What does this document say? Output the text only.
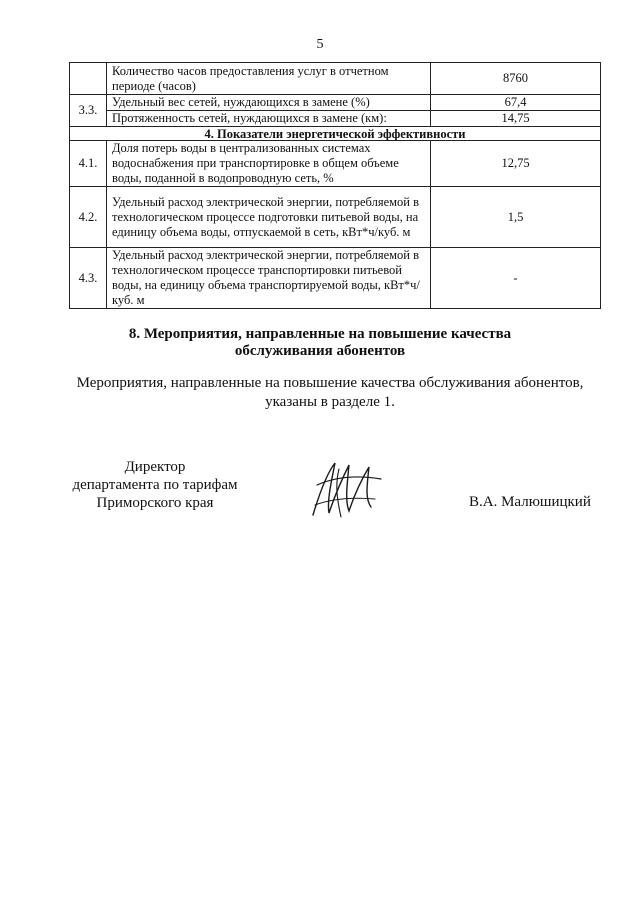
5
	Количество часов предоставления услуг в отчетном периоде (часов)	8760
3.3.	Удельный вес сетей, нуждающихся в замене (%)	67,4
	Протяженность сетей, нуждающихся в замене (км):	14,75
4. Показатели энергетической эффективности		
4.1.	Доля потерь воды в централизованных системах водоснабжения при транспортировке в общем объеме воды, поданной в водопроводную сеть, %	12,75
4.2.	Удельный расход электрической энергии, потребляемой в технологическом процессе подготовки питьевой воды, на единицу объема воды, отпускаемой в сеть, кВт*ч/куб. м	1,5
4.3.	Удельный расход электрической энергии, потребляемой в технологическом процессе транспортировки питьевой воды, на единицу объема транспортируемой воды, кВт*ч/куб. м	-
8. Мероприятия, направленные на повышение качества
обслуживания абонентов
Мероприятия, направленные на повышение качества обслуживания абонентов,
указаны в разделе 1.
Директор
департамента по тарифам
Приморского края	В.А. Малюшицкий
